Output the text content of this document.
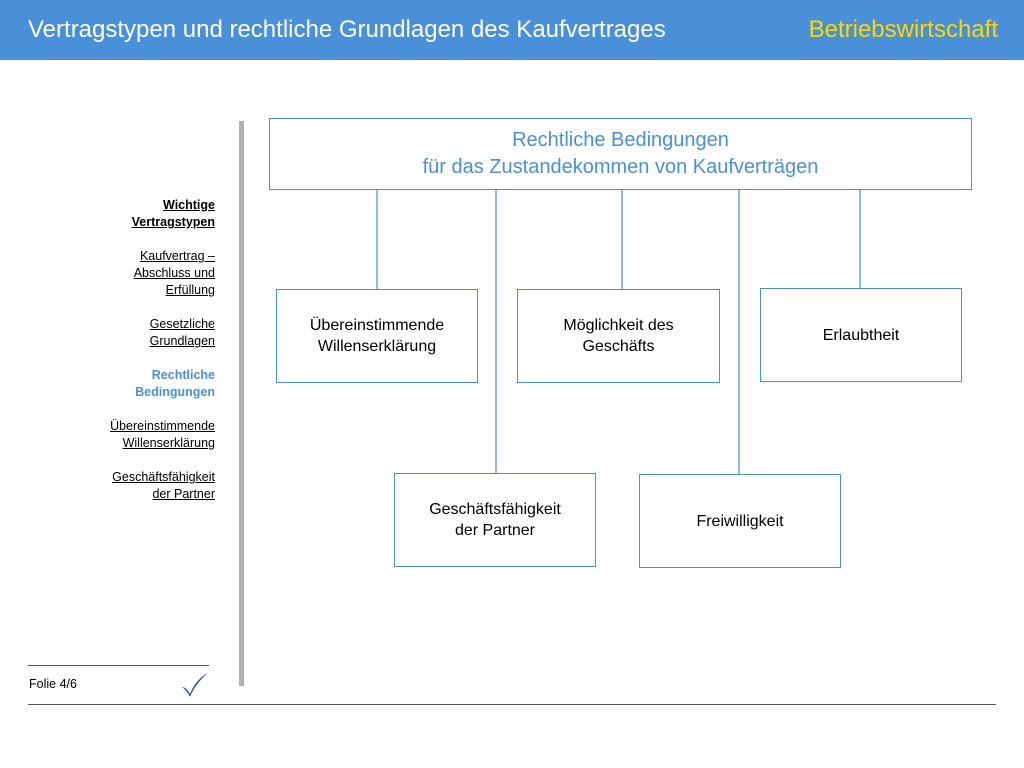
Vertragstypen und rechtliche Grundlagen des Kaufvertrages	Betriebswirtschaft
Wichtige
Vertragstypen
Kaufvertrag –
Abschluss und
Erfüllung
Gesetzliche
Grundlagen
Rechtliche
Bedingungen
Übereinstimmende
Willenserklärung
Geschäftsfähigkeit
der Partner
Rechtliche Bedingungen
für das Zustandekommen von Kaufverträgen
Übereinstimmende
Willenserklärung
Möglichkeit des
Geschäfts
Erlaubtheit
Geschäftsfähigkeit
der Partner
Freiwilligkeit
Folie 4/6
